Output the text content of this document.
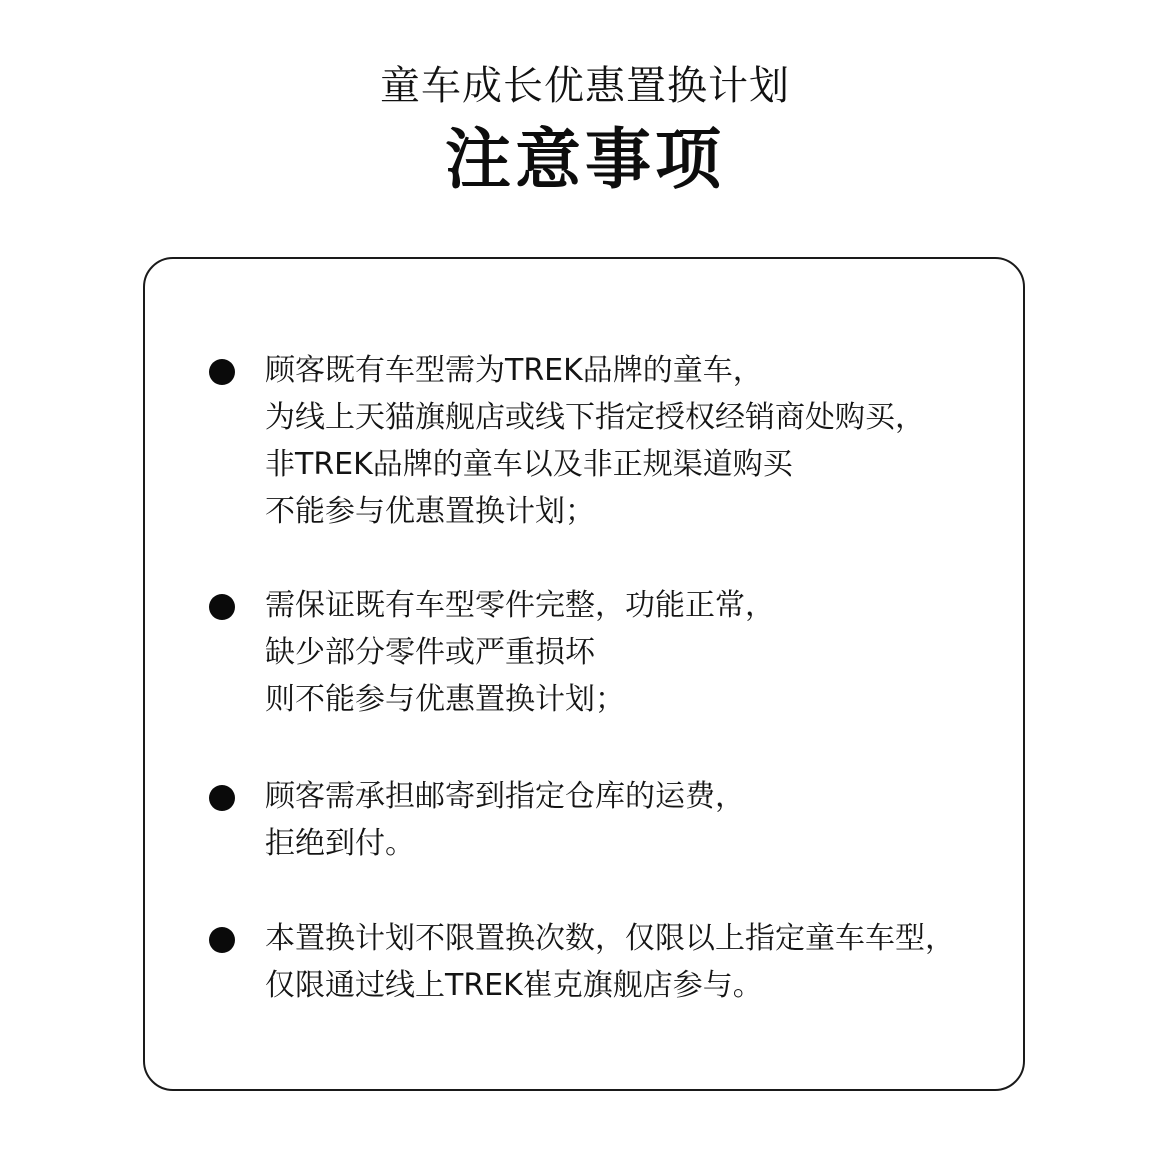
童车成长优惠置换计划
注意事项
顾客既有车型需为TREK品牌的童车，
为线上天猫旗舰店或线下指定授权经销商处购买，
非TREK品牌的童车以及非正规渠道购买
不能参与优惠置换计划；
需保证既有车型零件完整，功能正常，
缺少部分零件或严重损坏
则不能参与优惠置换计划；
顾客需承担邮寄到指定仓库的运费，
拒绝到付。
本置换计划不限置换次数，仅限以上指定童车车型，
仅限通过线上TREK崔克旗舰店参与。
